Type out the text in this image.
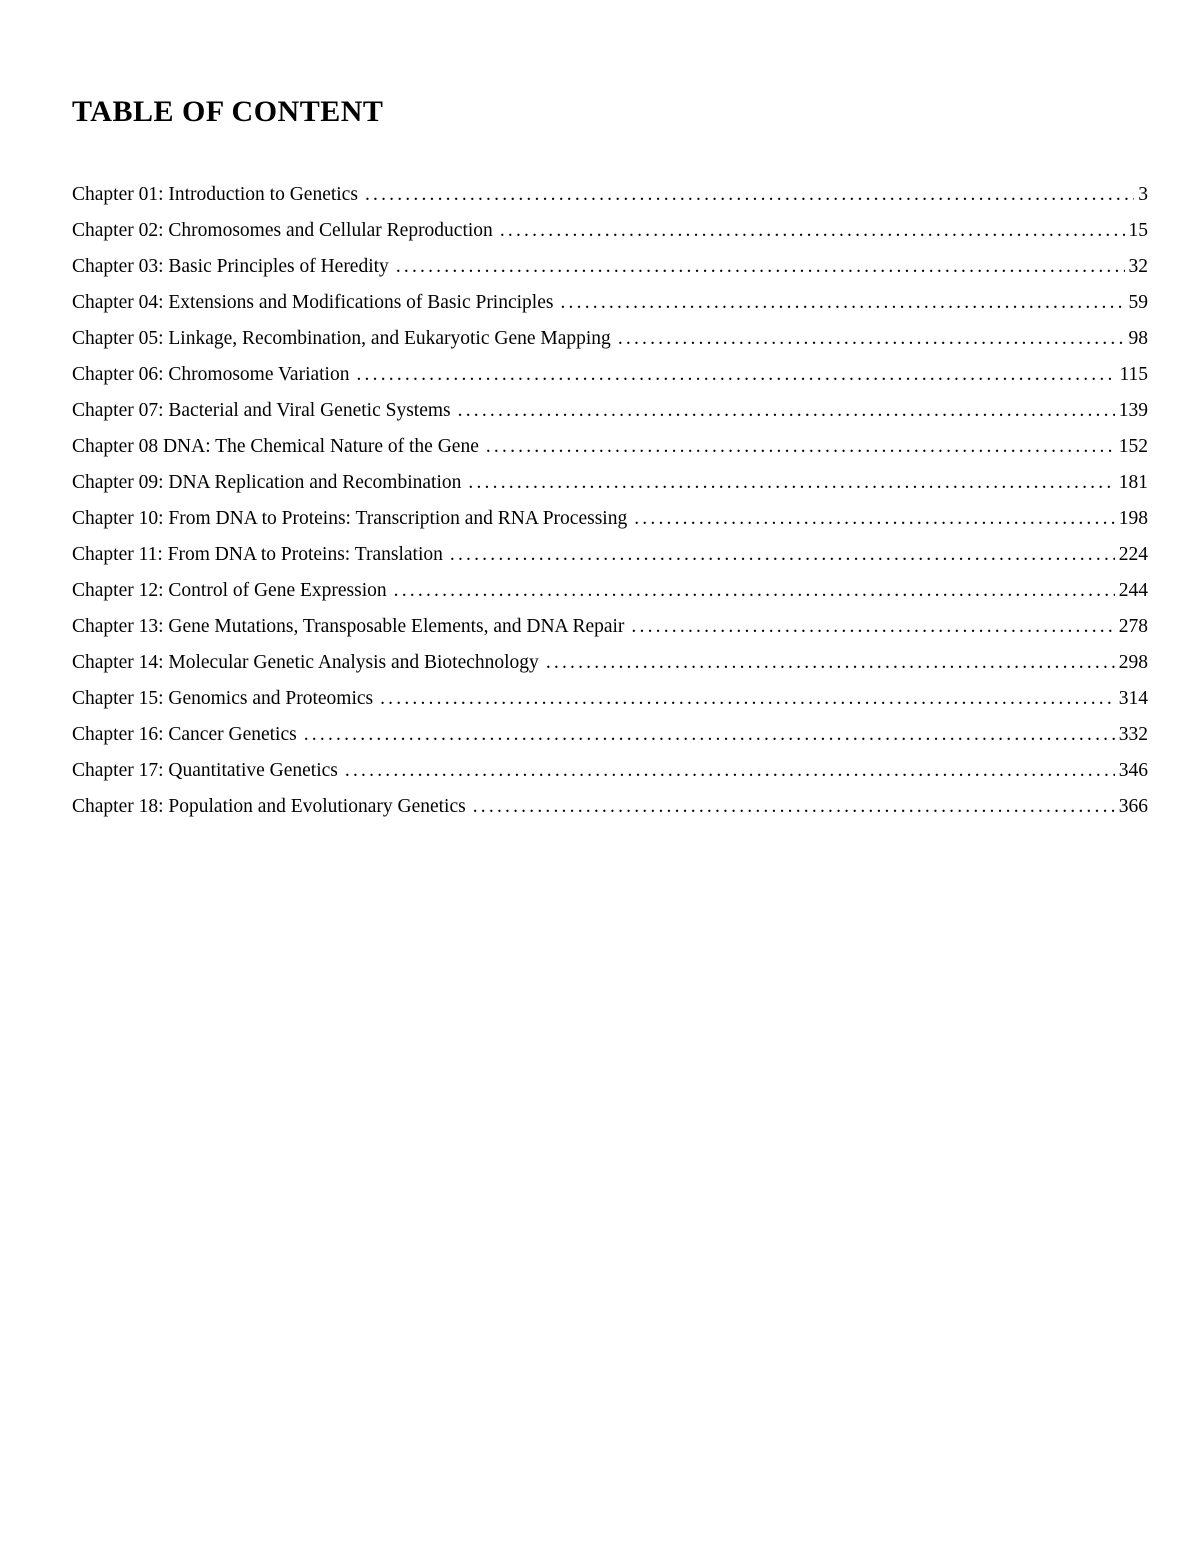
TABLE OF CONTENT
Chapter 01: Introduction to Genetics .....	3
Chapter 02: Chromosomes and Cellular Reproduction .....	15
Chapter 03: Basic Principles of Heredity .....	32
Chapter 04: Extensions and Modifications of Basic Principles .....	59
Chapter 05: Linkage, Recombination, and Eukaryotic Gene Mapping .....	98
Chapter 06: Chromosome Variation .....	115
Chapter 07: Bacterial and Viral Genetic Systems .....	139
Chapter 08 DNA: The Chemical Nature of the Gene .....	152
Chapter 09: DNA Replication and Recombination .....	181
Chapter 10: From DNA to Proteins: Transcription and RNA Processing .....	198
Chapter 11: From DNA to Proteins: Translation .....	224
Chapter 12: Control of Gene Expression .....	244
Chapter 13: Gene Mutations, Transposable Elements, and DNA Repair .....	278
Chapter 14: Molecular Genetic Analysis and Biotechnology .....	298
Chapter 15: Genomics and Proteomics .....	314
Chapter 16: Cancer Genetics .....	332
Chapter 17: Quantitative Genetics .....	346
Chapter 18: Population and Evolutionary Genetics .....	366
